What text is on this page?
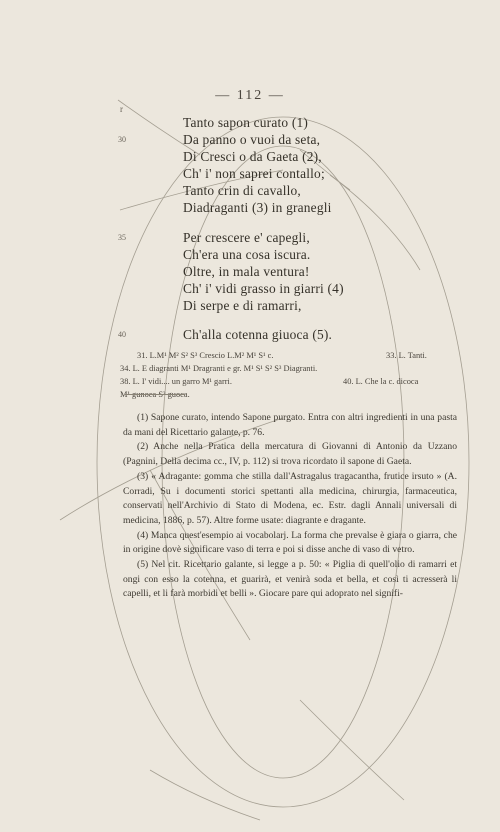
— 112 —
r
Tanto sapon curato (1)
30	Da panno o vuoi da seta,
Di Cresci o da Gaeta (2),
Ch' i' non saprei contallo;
Tanto crin di cavallo,
Diadraganti (3) in granegli
35	Per crescere e' capegli,
Ch'era una cosa iscura.
Oltre, in mala ventura!
Ch' i' vidi grasso in giarri (4)
Di serpe e di ramarri,
40	Ch'alla cotenna giuoca (5).
31. L.M¹ M² S² S³ Crescio L.M² M¹ S¹ c.	33. L. Tanti.
34. L. E diagranti M¹ Dragranti e gr. M¹ S¹ S² S³ Diagranti.
38. L. I' vidi.... un garro M¹ garri.	40. L. Che la c. dicoca
M¹ gunoca S³ guoca.

(1) Sapone curato, intendo Sapone purgato. Entra con altri ingredienti in una pasta da mani del Ricettario galante, p. 76.

(2) Anche nella Pratica della mercatura di Giovanni di Antonio da Uzzano (Pagnini, Della decima cc., IV, p. 112) si trova ricordato il sapone di Gaeta.

(3) « Adragante: gomma che stilla dall'Astragalus tragacantha, frutice irsuto » (A. Corradi, Su i documenti storici spettanti alla medicina, chirurgia, farmaceutica, conservati nell'Archivio di Stato di Modena, ec. Estr. dagli Annali universali di medicina, 1886, p. 57). Altre forme usate: diagrante e dragante.

(4) Manca quest'esempio ai vocabolarj. La forma che prevalse è giara o giarra, che in origine dovè significare vaso di terra e poi si disse anche di vaso di vetro.

(5) Nel cit. Ricettario galante, si legge a p. 50: « Piglia di quell'olio di ramarri et ongi con esso la cotenna, et guarirà, et venirà soda et bella, et così ti acresserà li capelli, et li farà morbidi et belli ». Giocare pare qui adoprato nel signifi-
